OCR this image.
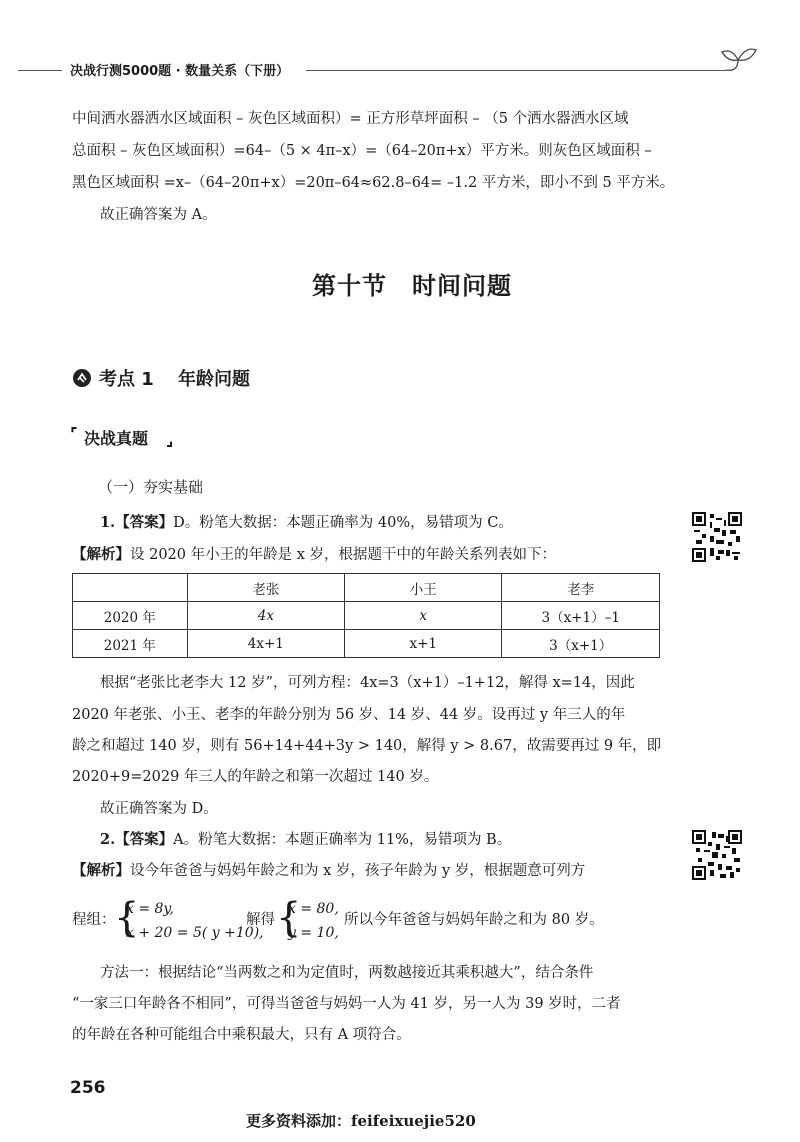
决战行测5000题 · 数量关系（下册）
中间洒水器洒水区域面积 – 灰色区域面积）= 正方形草坪面积 – （5 个洒水器洒水区域
总面积 – 灰色区域面积）=64–（5 × 4π–x）=（64–20π+x）平方米。则灰色区域面积 –
黑色区域面积 =x–（64–20π+x）=20π–64≈62.8–64= –1.2 平方米，即小不到 5 平方米。
故正确答案为 A。
第十节　时间问题
考点 1 年龄问题
⌜ 决战真题 ⌟
（一）夯实基础
1.【答案】D。粉笔大数据：本题正确率为 40%，易错项为 C。
【解析】设 2020 年小王的年龄是 x 岁，根据题干中的年龄关系列表如下：
	老张	小王	老李
2020 年	4x	x	3（x+1）–1
2021 年	4x+1	x+1	3（x+1）
根据“老张比老李大 12 岁”，可列方程：4x=3（x+1）–1+12，解得 x=14，因此
2020 年老张、小王、老李的年龄分别为 56 岁、14 岁、44 岁。设再过 y 年三人的年
龄之和超过 140 岁，则有 56+14+44+3y > 140，解得 y > 8.67，故需要再过 9 年，即
2020+9=2029 年三人的年龄之和第一次超过 140 岁。
故正确答案为 D。
2.【答案】A。粉笔大数据：本题正确率为 11%，易错项为 B。
【解析】设今年爸爸与妈妈年龄之和为 x 岁，孩子年龄为 y 岁，根据题意可列方
程组：
{
x = 8y,
x + 20 = 5( y +10),
解得 {
x = 80,
y = 10,
所以今年爸爸与妈妈年龄之和为 80 岁。
方法一：根据结论“当两数之和为定值时，两数越接近其乘积越大”，结合条件
“一家三口年龄各不相同”，可得当爸爸与妈妈一人为 41 岁，另一人为 39 岁时，二者
的年龄在各种可能组合中乘积最大，只有 A 项符合。
256
更多资料添加：feifeixuejie520
